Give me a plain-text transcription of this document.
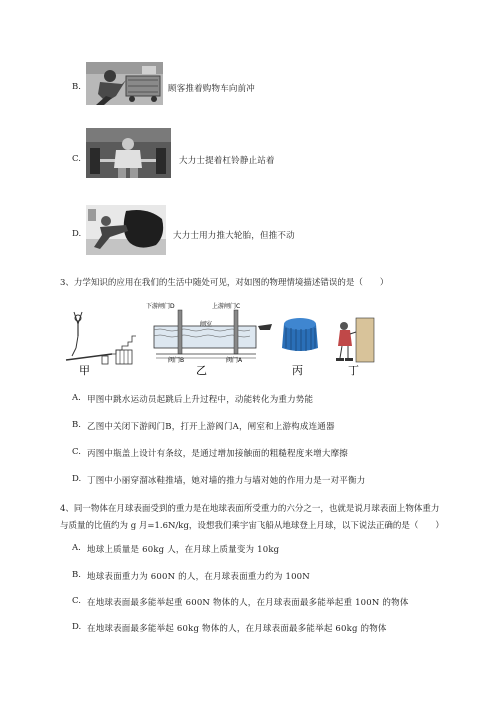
B.	顾客推着购物车向前冲
C.	大力士提着杠铃静止站着
D.	大力士用力推大轮胎，但推不动
3、力学知识的应用在我们的生活中随处可见，对如图的物理情境描述错误的是（　　）
甲
下游闸门D	上游闸门C
闸室
阀门B	阀门A
乙	丙	丁
A. 甲图中跳水运动员起跳后上升过程中，动能转化为重力势能
B. 乙图中关闭下游阀门B，打开上游阀门A，闸室和上游构成连通器
C. 丙图中瓶盖上设计有条纹，是通过增加接触面的粗糙程度来增大摩擦
D. 丁图中小丽穿溜冰鞋推墙，她对墙的推力与墙对她的作用力是一对平衡力
4、同一物体在月球表面受到的重力是在地球表面所受重力的六分之一，也就是说月球表面上物体重力
与质量的比值约为 g 月=1.6N/kg，设想我们乘宇宙飞船从地球登上月球，以下说法正确的是（　　）
A. 地球上质量是 60kg 人，在月球上质量变为 10kg
B. 地球表面重力为 600N 的人，在月球表面重力约为 100N
C. 在地球表面最多能举起重 600N 物体的人，在月球表面最多能举起重 100N 的物体
D. 在地球表面最多能举起 60kg 物体的人，在月球表面最多能举起 60kg 的物体
